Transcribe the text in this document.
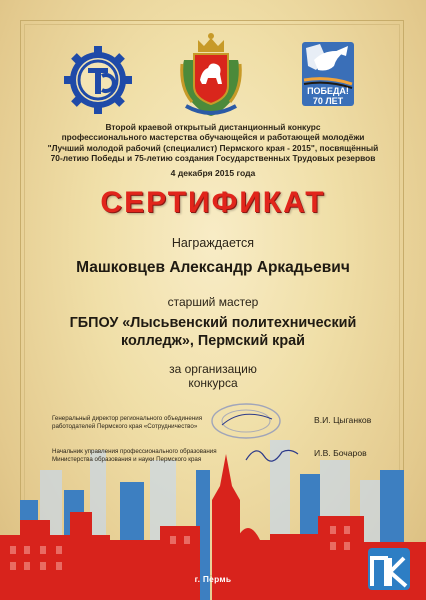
ПОБЕДА!
70 ЛЕТ
Второй краевой открытый дистанционный конкурс
профессионального мастерства обучающейся и работающей молодёжи
"Лучший молодой рабочий (специалист) Пермского края - 2015", посвящённый
70-летию Победы и 75-летию создания Государственных Трудовых резервов
4 декабря 2015 года
СЕРТИФИКАТ
Награждается
Машковцев Александр Аркадьевич
старший мастер
ГБПОУ «Лысьвенский политехнический
колледж», Пермский край
за организацию
конкурса
г. Пермь
Генеральный директор регионального объединения
работодателей Пермского края «Сотрудничество»
В.И. Цыганков
Начальник управления профессионального образования
Министерства образования и науки Пермского края
И.В. Бочаров
